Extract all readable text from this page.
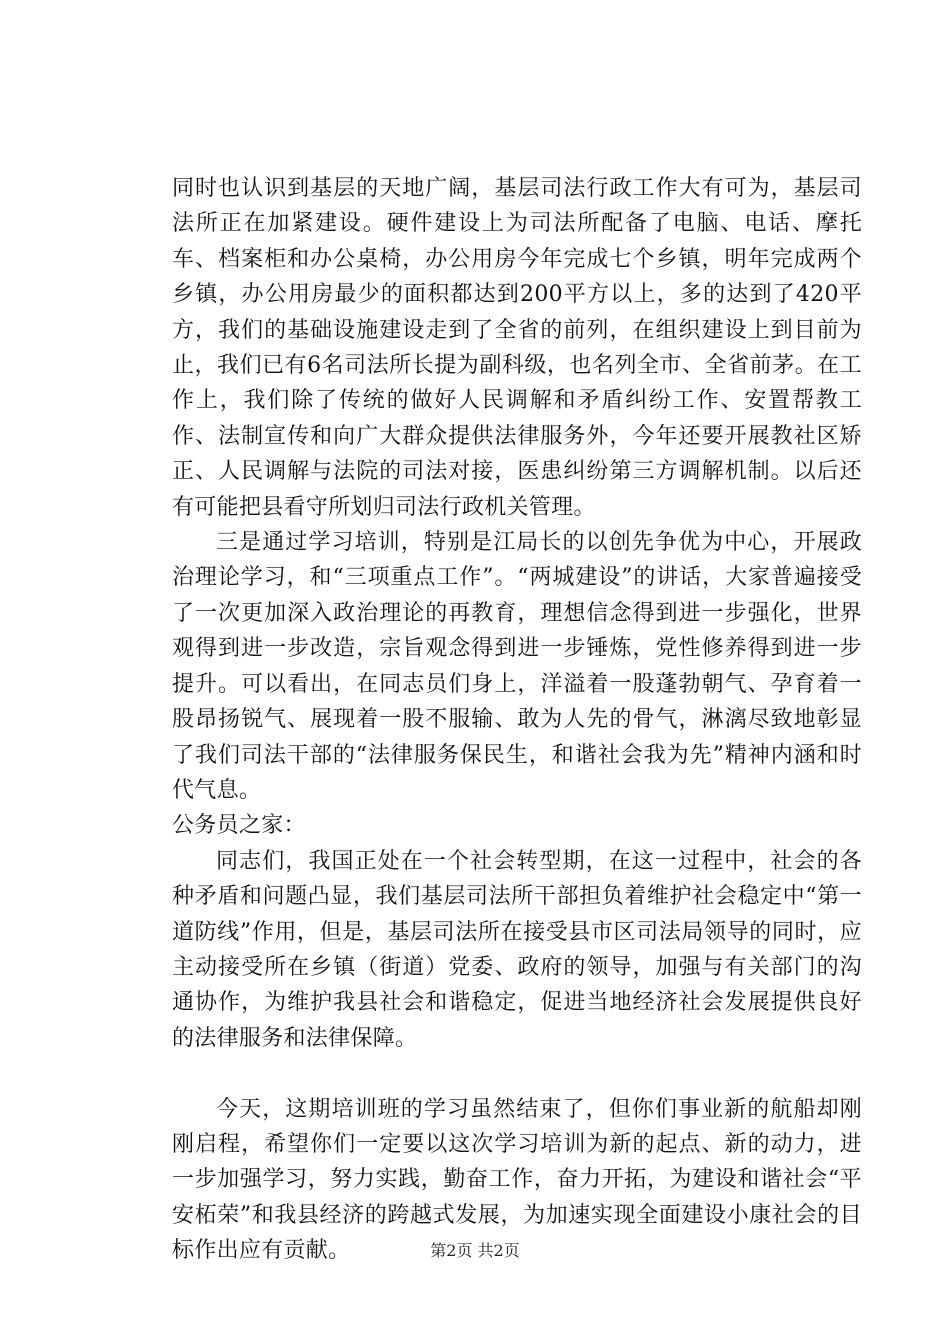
同时也认识到基层的天地广阔，基层司法行政工作大有可为，基层司法所正在加紧建设。硬件建设上为司法所配备了电脑、电话、摩托车、档案柜和办公桌椅，办公用房今年完成七个乡镇，明年完成两个乡镇，办公用房最少的面积都达到200平方以上，多的达到了420平方，我们的基础设施建设走到了全省的前列，在组织建设上到目前为止，我们已有6名司法所长提为副科级，也名列全市、全省前茅。在工作上，我们除了传统的做好人民调解和矛盾纠纷工作、安置帮教工作、法制宣传和向广大群众提供法律服务外，今年还要开展教社区矫正、人民调解与法院的司法对接，医患纠纷第三方调解机制。以后还有可能把县看守所划归司法行政机关管理。

三是通过学习培训，特别是江局长的以创先争优为中心，开展政治理论学习，和“三项重点工作”。“两城建设”的讲话，大家普遍接受了一次更加深入政治理论的再教育，理想信念得到进一步强化，世界观得到进一步改造，宗旨观念得到进一步锤炼，党性修养得到进一步提升。可以看出，在同志员们身上，洋溢着一股蓬勃朝气、孕育着一股昂扬锐气、展现着一股不服输、敢为人先的骨气，淋漓尽致地彰显了我们司法干部的“法律服务保民生，和谐社会我为先”精神内涵和时代气息。

公务员之家：

同志们，我国正处在一个社会转型期，在这一过程中，社会的各种矛盾和问题凸显，我们基层司法所干部担负着维护社会稳定中“第一道防线”作用，但是，基层司法所在接受县市区司法局领导的同时，应主动接受所在乡镇（街道）党委、政府的领导，加强与有关部门的沟通协作，为维护我县社会和谐稳定，促进当地经济社会发展提供良好的法律服务和法律保障。

今天，这期培训班的学习虽然结束了，但你们事业新的航船却刚刚启程，希望你们一定要以这次学习培训为新的起点、新的动力，进一步加强学习，努力实践，勤奋工作，奋力开拓，为建设和谐社会“平安柘荣”和我县经济的跨越式发展，为加速实现全面建设小康社会的目标作出应有贡献。	第2页 共2页
